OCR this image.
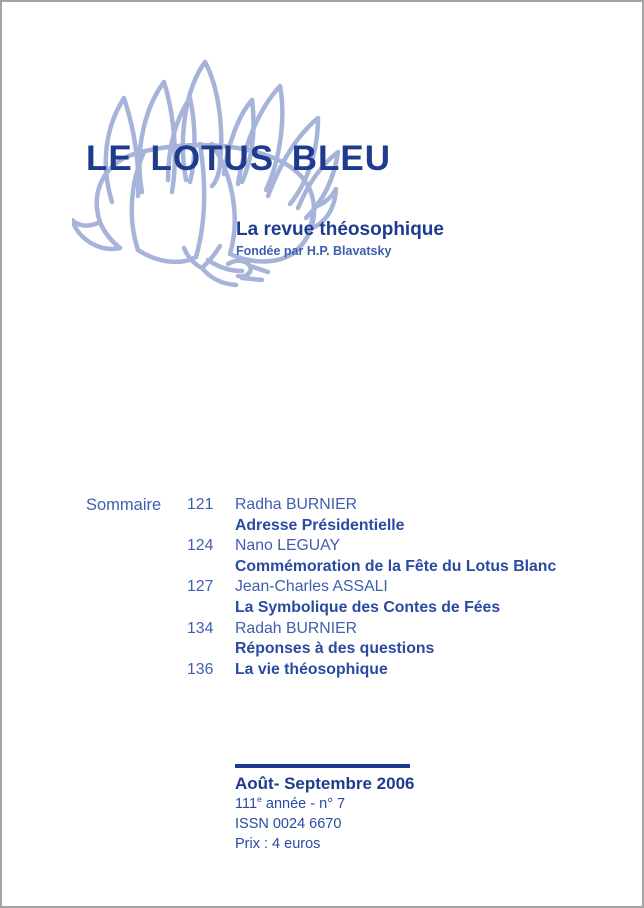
LE LOTUS BLEU
La revue théosophique
Fondée par H.P. Blavatsky
Sommaire 121	Radha BURNIER
Adresse Présidentielle
124	Nano LEGUAY
Commémoration de la Fête du Lotus Blanc
127	Jean-Charles ASSALI
La Symbolique des Contes de Fées
134	Radah BURNIER
Réponses à des questions
136	La vie théosophique
Août- Septembre 2006
111e année - n° 7
ISSN 0024 6670
Prix : 4 euros
